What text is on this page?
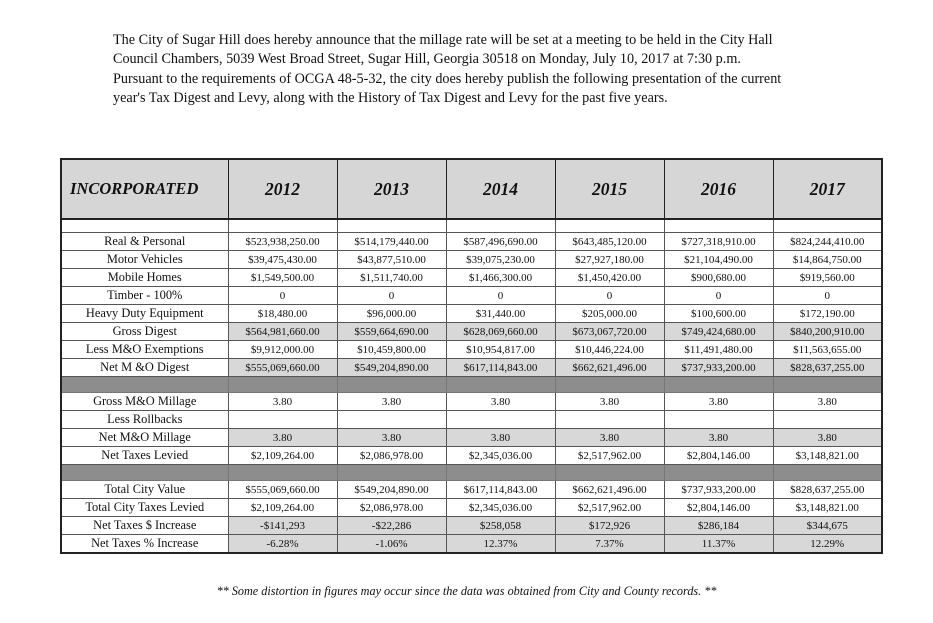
The City of Sugar Hill does hereby announce that the millage rate will be set at a meeting to be held in the City Hall Council Chambers, 5039 West Broad Street, Sugar Hill, Georgia 30518 on Monday, July 10, 2017 at 7:30 p.m. Pursuant to the requirements of OCGA 48-5-32, the city does hereby publish the following presentation of the current year's Tax Digest and Levy, along with the History of Tax Digest and Levy for the past five years.

INCORPORATED	2012	2013	2014	2015	2016	2017

Real & Personal	$523,938,250.00	$514,179,440.00	$587,496,690.00	$643,485,120.00	$727,318,910.00	$824,244,410.00
Motor Vehicles	$39,475,430.00	$43,877,510.00	$39,075,230.00	$27,927,180.00	$21,104,490.00	$14,864,750.00
Mobile Homes	$1,549,500.00	$1,511,740.00	$1,466,300.00	$1,450,420.00	$900,680.00	$919,560.00
Timber - 100%	0	0	0	0	0	0
Heavy Duty Equipment	$18,480.00	$96,000.00	$31,440.00	$205,000.00	$100,600.00	$172,190.00
Gross Digest	$564,981,660.00	$559,664,690.00	$628,069,660.00	$673,067,720.00	$749,424,680.00	$840,200,910.00
Less M&O Exemptions	$9,912,000.00	$10,459,800.00	$10,954,817.00	$10,446,224.00	$11,491,480.00	$11,563,655.00
Net M &O Digest	$555,069,660.00	$549,204,890.00	$617,114,843.00	$662,621,496.00	$737,933,200.00	$828,637,255.00

Gross M&O Millage	3.80	3.80	3.80	3.80	3.80	3.80
Less Rollbacks						
Net M&O Millage	3.80	3.80	3.80	3.80	3.80	3.80
Net Taxes Levied	$2,109,264.00	$2,086,978.00	$2,345,036.00	$2,517,962.00	$2,804,146.00	$3,148,821.00

Total City Value	$555,069,660.00	$549,204,890.00	$617,114,843.00	$662,621,496.00	$737,933,200.00	$828,637,255.00
Total City Taxes Levied	$2,109,264.00	$2,086,978.00	$2,345,036.00	$2,517,962.00	$2,804,146.00	$3,148,821.00
Net Taxes $ Increase	-$141,293	-$22,286	$258,058	$172,926	$286,184	$344,675
Net Taxes % Increase	-6.28%	-1.06%	12.37%	7.37%	11.37%	12.29%

** Some distortion in figures may occur since the data was obtained from City and County records. **
